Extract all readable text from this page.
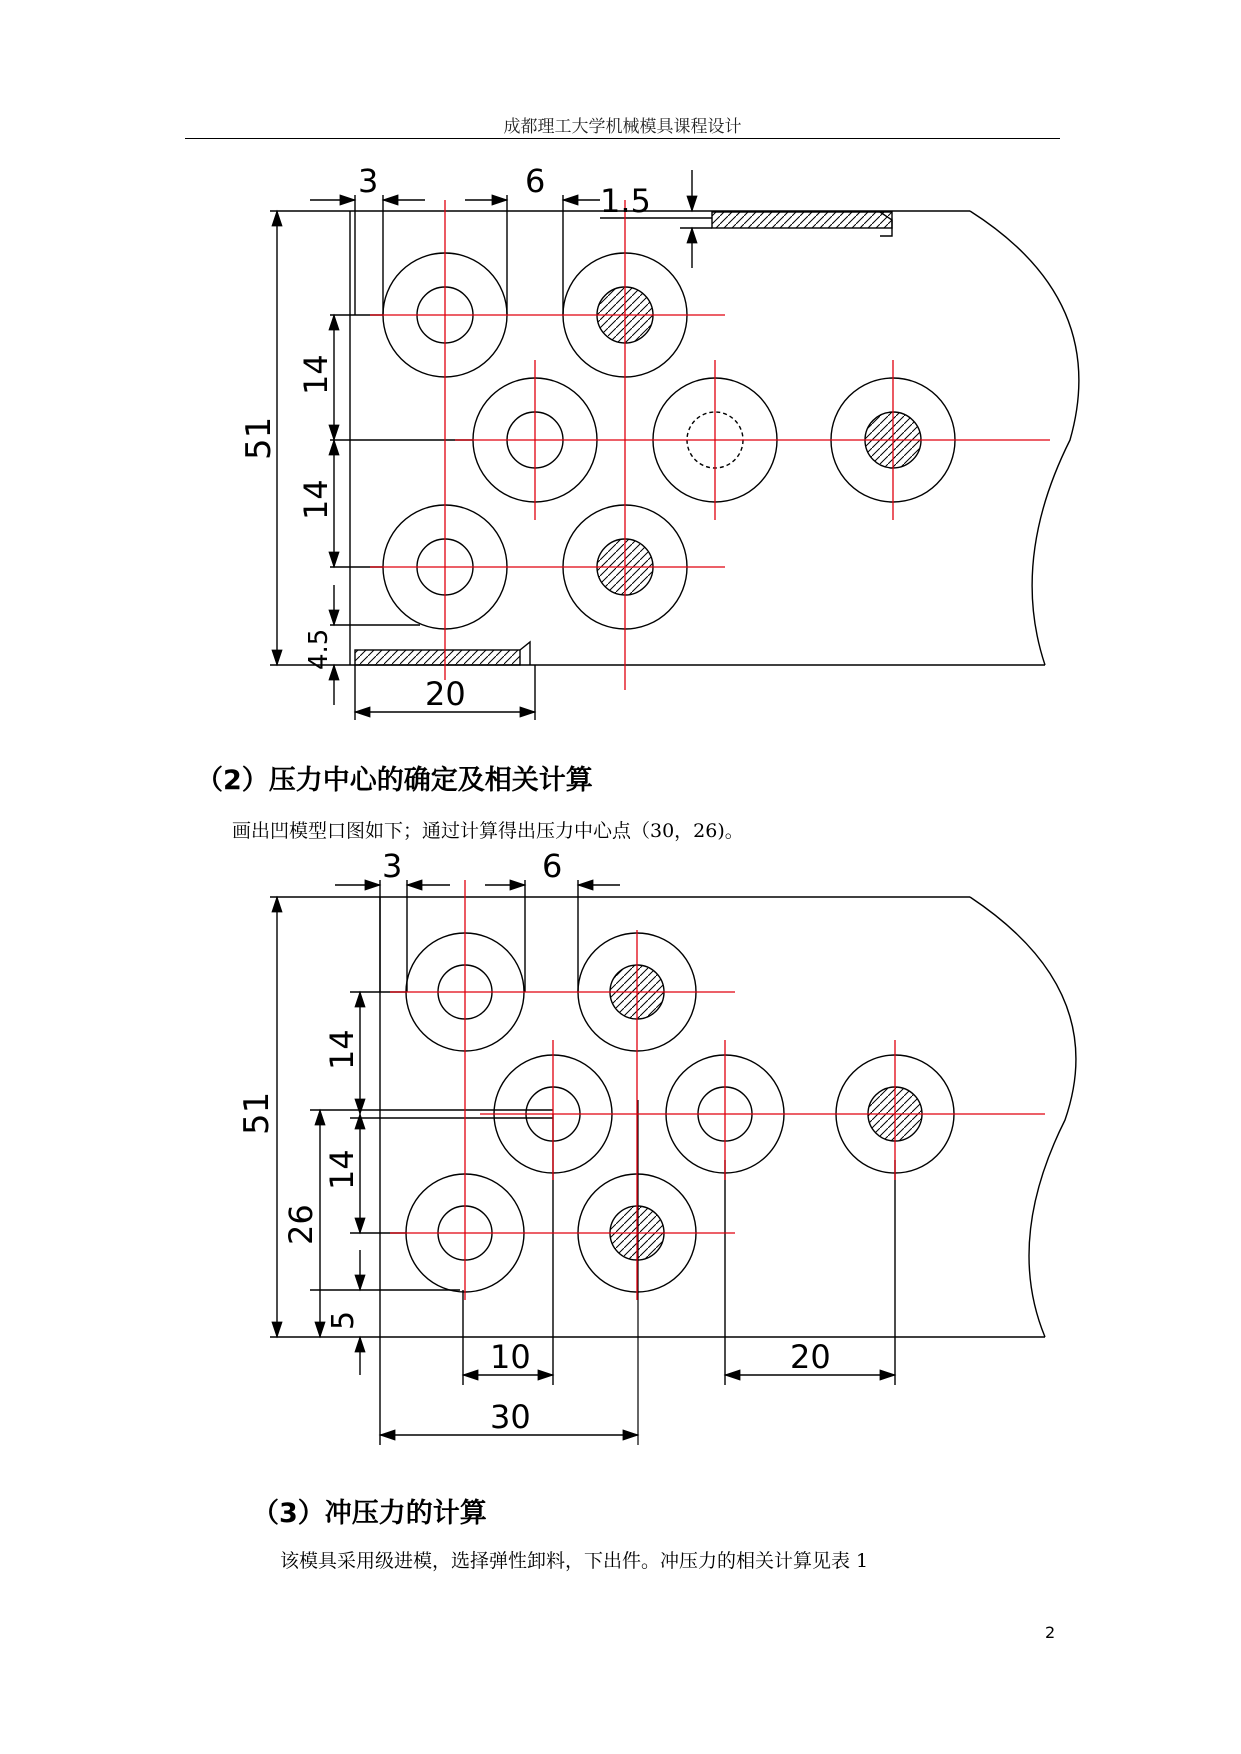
成都理工大学机械模具课程设计
3	6
1.5
51
14
14
4.5
20
（2）压力中心的确定及相关计算
画出凹模型口图如下；通过计算得出压力中心点（30，26)。
3	6
51
14
14
26
5
10
30
20
（3）冲压力的计算
该模具采用级进模，选择弹性卸料，下出件。冲压力的相关计算见表 1
2
